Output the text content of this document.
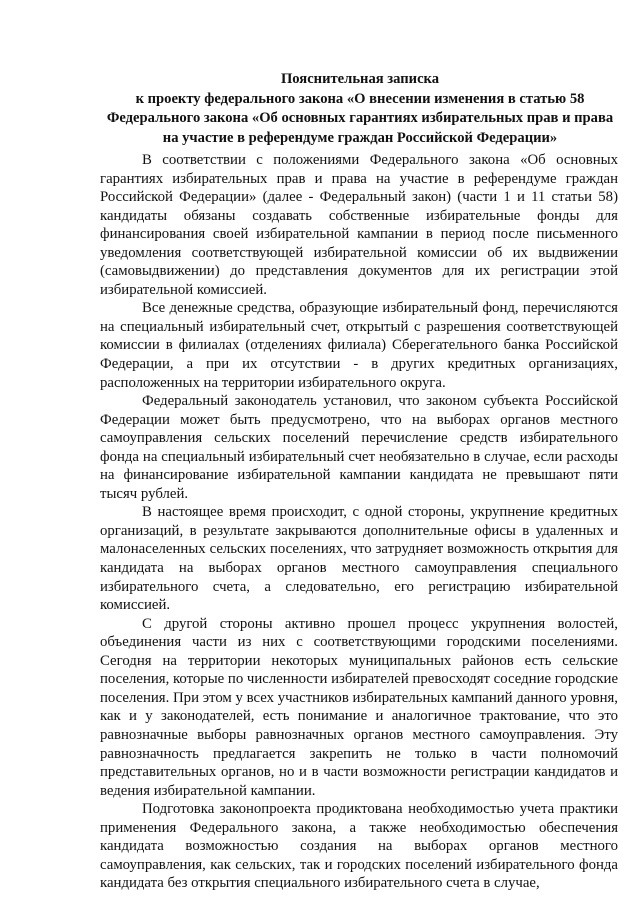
Пояснительная записка
к проекту федерального закона «О внесении изменения в статью 58
Федерального закона «Об основных гарантиях избирательных прав и права
на участие в референдуме граждан Российской Федерации»

В соответствии с положениями Федерального закона «Об основных гарантиях избирательных прав и права на участие в референдуме граждан Российской Федерации» (далее - Федеральный закон) (части 1 и 11 статьи 58) кандидаты обязаны создавать собственные избирательные фонды для финансирования своей избирательной кампании в период после письменного уведомления соответствующей избирательной комиссии об их выдвижении (самовыдвижении) до представления документов для их регистрации этой избирательной комиссией.

Все денежные средства, образующие избирательный фонд, перечисляются на специальный избирательный счет, открытый с разрешения соответствующей комиссии в филиалах (отделениях филиала) Сберегательного банка Российской Федерации, а при их отсутствии - в других кредитных организациях, расположенных на территории избирательного округа.

Федеральный законодатель установил, что законом субъекта Российской Федерации может быть предусмотрено, что на выборах органов местного самоуправления сельских поселений перечисление средств избирательного фонда на специальный избирательный счет необязательно в случае, если расходы на финансирование избирательной кампании кандидата не превышают пяти тысяч рублей.

В настоящее время происходит, с одной стороны, укрупнение кредитных организаций, в результате закрываются дополнительные офисы в удаленных и малонаселенных сельских поселениях, что затрудняет возможность открытия для кандидата на выборах органов местного самоуправления специального избирательного счета, а следовательно, его регистрацию избирательной комиссией.

С другой стороны активно прошел процесс укрупнения волостей, объединения части из них с соответствующими городскими поселениями. Сегодня на территории некоторых муниципальных районов есть сельские поселения, которые по численности избирателей превосходят соседние городские поселения. При этом у всех участников избирательных кампаний данного уровня, как и у законодателей, есть понимание и аналогичное трактование, что это равнозначные выборы равнозначных органов местного самоуправления. Эту равнозначность предлагается закрепить не только в части полномочий представительных органов, но и в части возможности регистрации кандидатов и ведения избирательной кампании.

Подготовка законопроекта продиктована необходимостью учета практики применения Федерального закона, а также необходимостью обеспечения кандидата возможностью создания на выборах органов местного самоуправления, как сельских, так и городских поселений избирательного фонда кандидата без открытия специального избирательного счета в случае,
